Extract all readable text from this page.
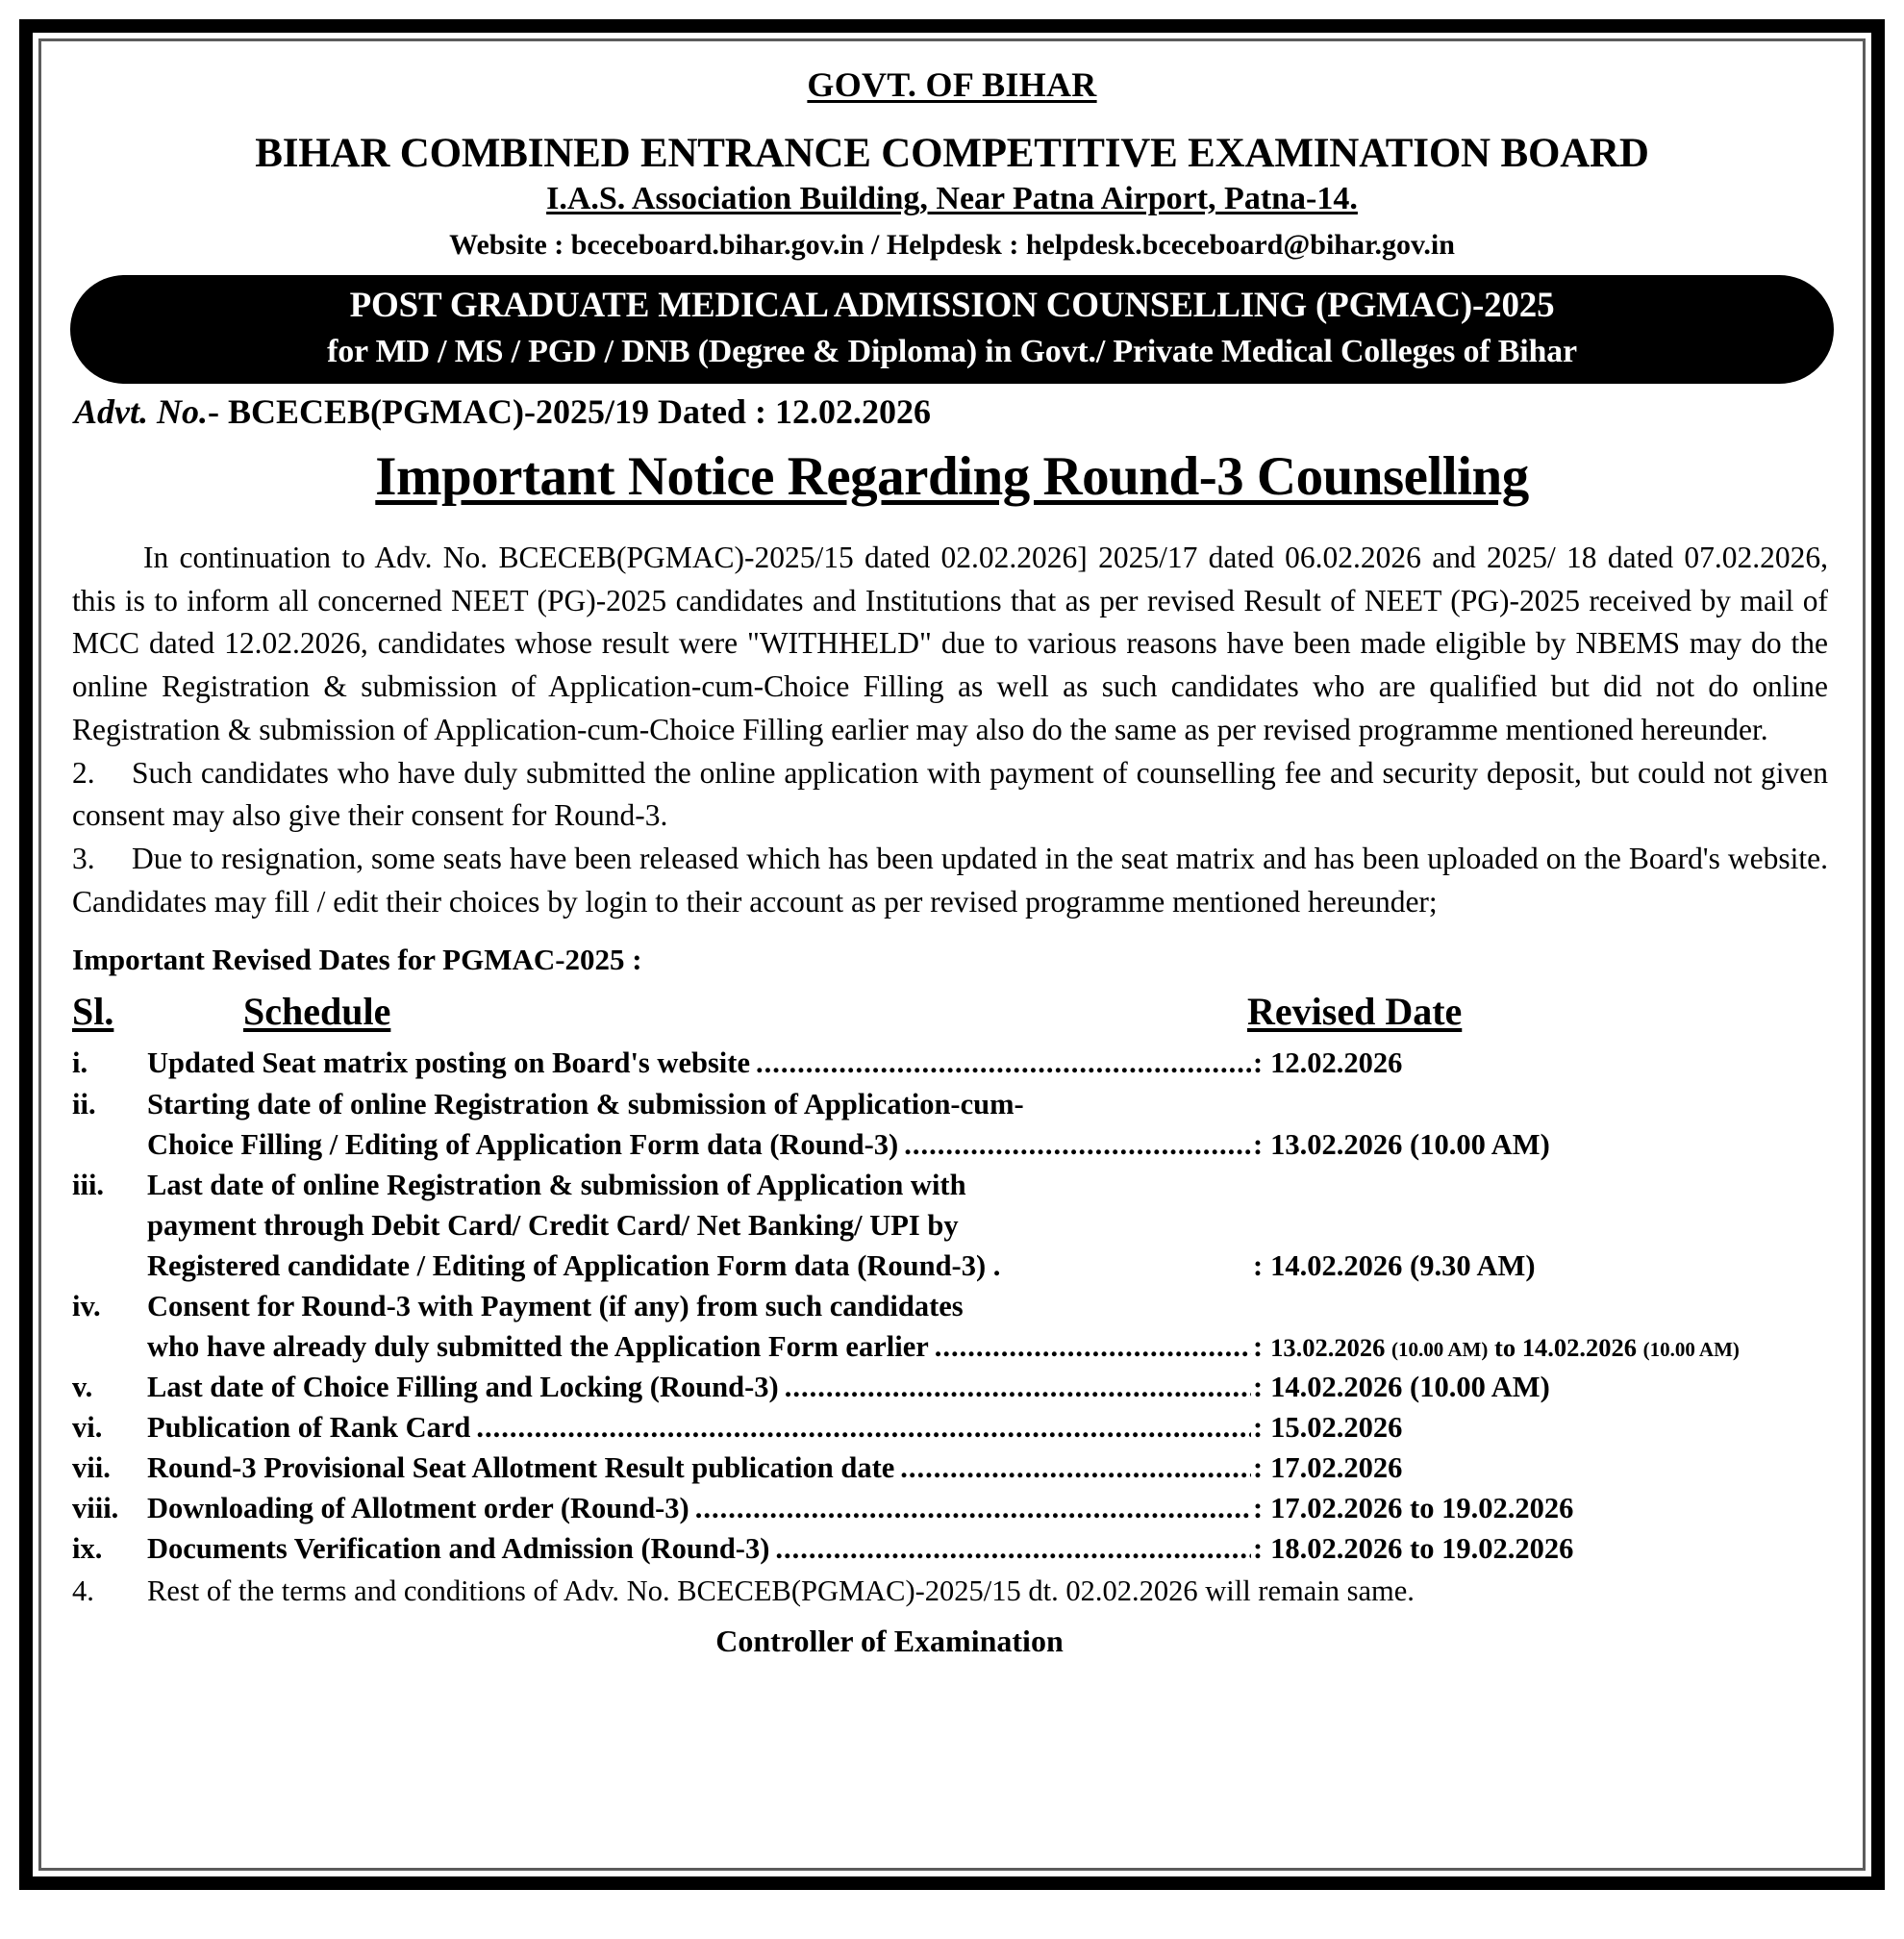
GOVT. OF BIHAR
BIHAR COMBINED ENTRANCE COMPETITIVE EXAMINATION BOARD
I.A.S. Association Building, Near Patna Airport, Patna-14.
Website : bceceboard.bihar.gov.in / Helpdesk : helpdesk.bceceboard@bihar.gov.in
POST GRADUATE MEDICAL ADMISSION COUNSELLING (PGMAC)-2025
for MD / MS / PGD / DNB (Degree & Diploma) in Govt./ Private Medical Colleges of Bihar
Advt. No.- BCECEB(PGMAC)-2025/19 Dated : 12.02.2026
Important Notice Regarding Round-3 Counselling

In continuation to Adv. No. BCECEB(PGMAC)-2025/15 dated 02.02.2026] 2025/17 dated 06.02.2026 and 2025/ 18 dated 07.02.2026, this is to inform all concerned NEET (PG)-2025 candidates and Institutions that as per revised Result of NEET (PG)-2025 received by mail of MCC dated 12.02.2026, candidates whose result were "WITHHELD" due to various reasons have been made eligible by NBEMS may do the online Registration & submission of Application-cum-Choice Filling as well as such candidates who are qualified but did not do online Registration & submission of Application-cum-Choice Filling earlier may also do the same as per revised programme mentioned hereunder.

2. Such candidates who have duly submitted the online application with payment of counselling fee and security deposit, but could not given consent may also give their consent for Round-3.

3. Due to resignation, some seats have been released which has been updated in the seat matrix and has been uploaded on the Board's website. Candidates may fill / edit their choices by login to their account as per revised programme mentioned hereunder;

Important Revised Dates for PGMAC-2025 :
Sl.	Schedule	Revised Date
i.	Updated Seat matrix posting on Board's website .....	: 12.02.2026
ii.	Starting date of online Registration & submission of Application-cum-
Choice Filling / Editing of Application Form data (Round-3) .....	: 13.02.2026 (10.00 AM)
iii.	Last date of online Registration & submission of Application with
payment through Debit Card/ Credit Card/ Net Banking/ UPI by
Registered candidate / Editing of Application Form data (Round-3) .	: 14.02.2026 (9.30 AM)
iv.	Consent for Round-3 with Payment (if any) from such candidates
who have already duly submitted the Application Form earlier .....	: 13.02.2026 (10.00 AM) to 14.02.2026 (10.00 AM)
v.	Last date of Choice Filling and Locking (Round-3) .....	: 14.02.2026 (10.00 AM)
vi.	Publication of Rank Card .....	: 15.02.2026
vii.	Round-3 Provisional Seat Allotment Result publication date .....	: 17.02.2026
viii. Downloading of Allotment order (Round-3) .....	: 17.02.2026 to 19.02.2026
ix.	Documents Verification and Admission (Round-3) .....	: 18.02.2026 to 19.02.2026
4.	Rest of the terms and conditions of Adv. No. BCECEB(PGMAC)-2025/15 dt. 02.02.2026 will remain same.
Controller of Examination
